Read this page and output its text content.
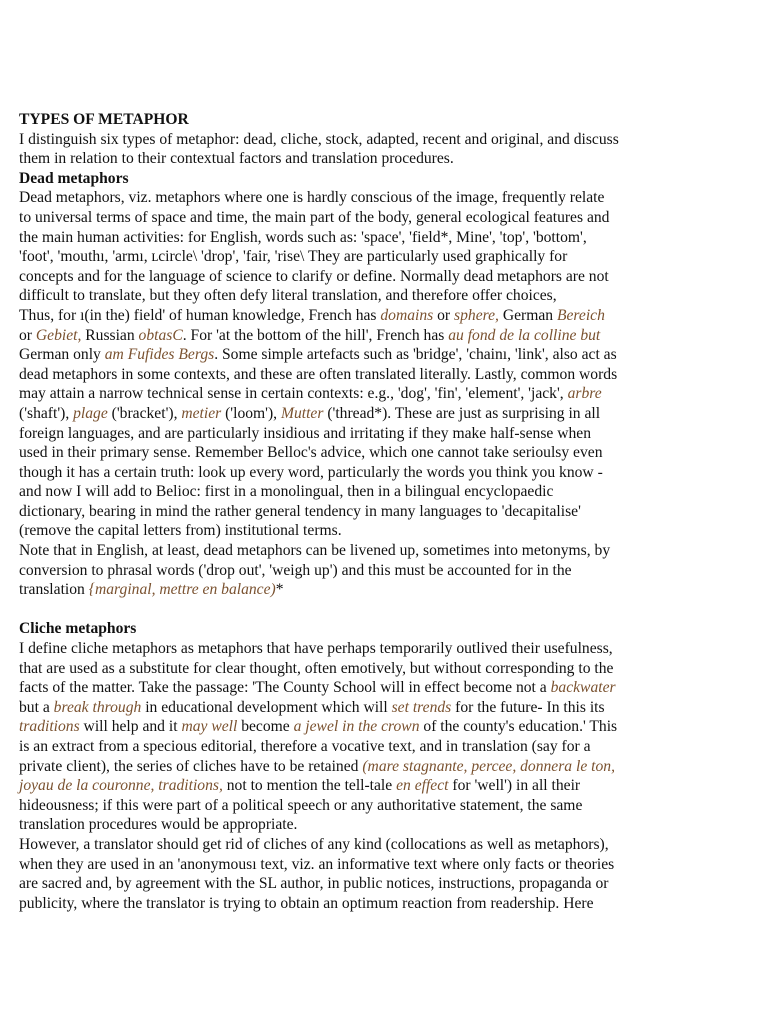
TYPES OF METAPHOR
I distinguish six types of metaphor: dead, cliche, stock, adapted, recent and original, and discuss
them in relation to their contextual factors and translation procedures.
Dead metaphors
Dead metaphors, viz. metaphors where one is hardly conscious of the image, frequently relate
to universal terms of space and time, the main part of the body, general ecological features and
the main human activities: for English, words such as: 'space', 'field*, Mine', 'top', 'bottom',
'foot', 'mouthı, 'armı, ʟcircle\ 'drop', 'fair, 'rise\ They are particularly used graphically for
concepts and for the language of science to clarify or define. Normally dead metaphors are not
difficult to translate, but they often defy literal translation, and therefore offer choices,
Thus, for ı(in the) field' of human knowledge, French has domains or sphere, German Bereich
or Gebiet, Russian obtasC. For 'at the bottom of the hill', French has au fond de la colline but
German only am Fufides Bergs. Some simple artefacts such as 'bridge', 'chainı, 'link', also act as
dead metaphors in some contexts, and these are often translated literally. Lastly, common words
may attain a narrow technical sense in certain contexts: e.g., 'dog', 'fin', 'element', 'jack', arbre
('shaft'), plage ('bracket'), metier ('loom'), Mutter ('thread*). These are just as surprising in all
foreign languages, and are particularly insidious and irritating if they make half-sense when
used in their primary sense. Remember Belloc's advice, which one cannot take serioulsy even
though it has a certain truth: look up every word, particularly the words you think you know -
and now I will add to Belioc: first in a monolingual, then in a bilingual encyclopaedic
dictionary, bearing in mind the rather general tendency in many languages to 'decapitalise'
(remove the capital letters from) institutional terms.
Note that in English, at least, dead metaphors can be livened up, sometimes into metonyms, by
conversion to phrasal words ('drop out', 'weigh up') and this must be accounted for in the
translation {marginal, mettre en balance)*
Cliche metaphors
I define cliche metaphors as metaphors that have perhaps temporarily outlived their usefulness,
that are used as a substitute for clear thought, often emotively, but without corresponding to the
facts of the matter. Take the passage: 'The County School will in effect become not a backwater
but a break through in educational development which will set trends for the future- In this its
traditions will help and it may well become a jewel in the crown of the county's education.' This
is an extract from a specious editorial, therefore a vocative text, and in translation (say for a
private client), the series of cliches have to be retained (mare stagnante, percee, donnera le ton,
joyau de la couronne, traditions, not to mention the tell-tale en effect for 'well') in all their
hideousness; if this were part of a political speech or any authoritative statement, the same
translation procedures would be appropriate.
However, a translator should get rid of cliches of any kind (collocations as well as metaphors),
when they are used in an 'anonymousı text, viz. an informative text where only facts or theories
are sacred and, by agreement with the SL author, in public notices, instructions, propaganda or
publicity, where the translator is trying to obtain an optimum reaction from readership. Here
